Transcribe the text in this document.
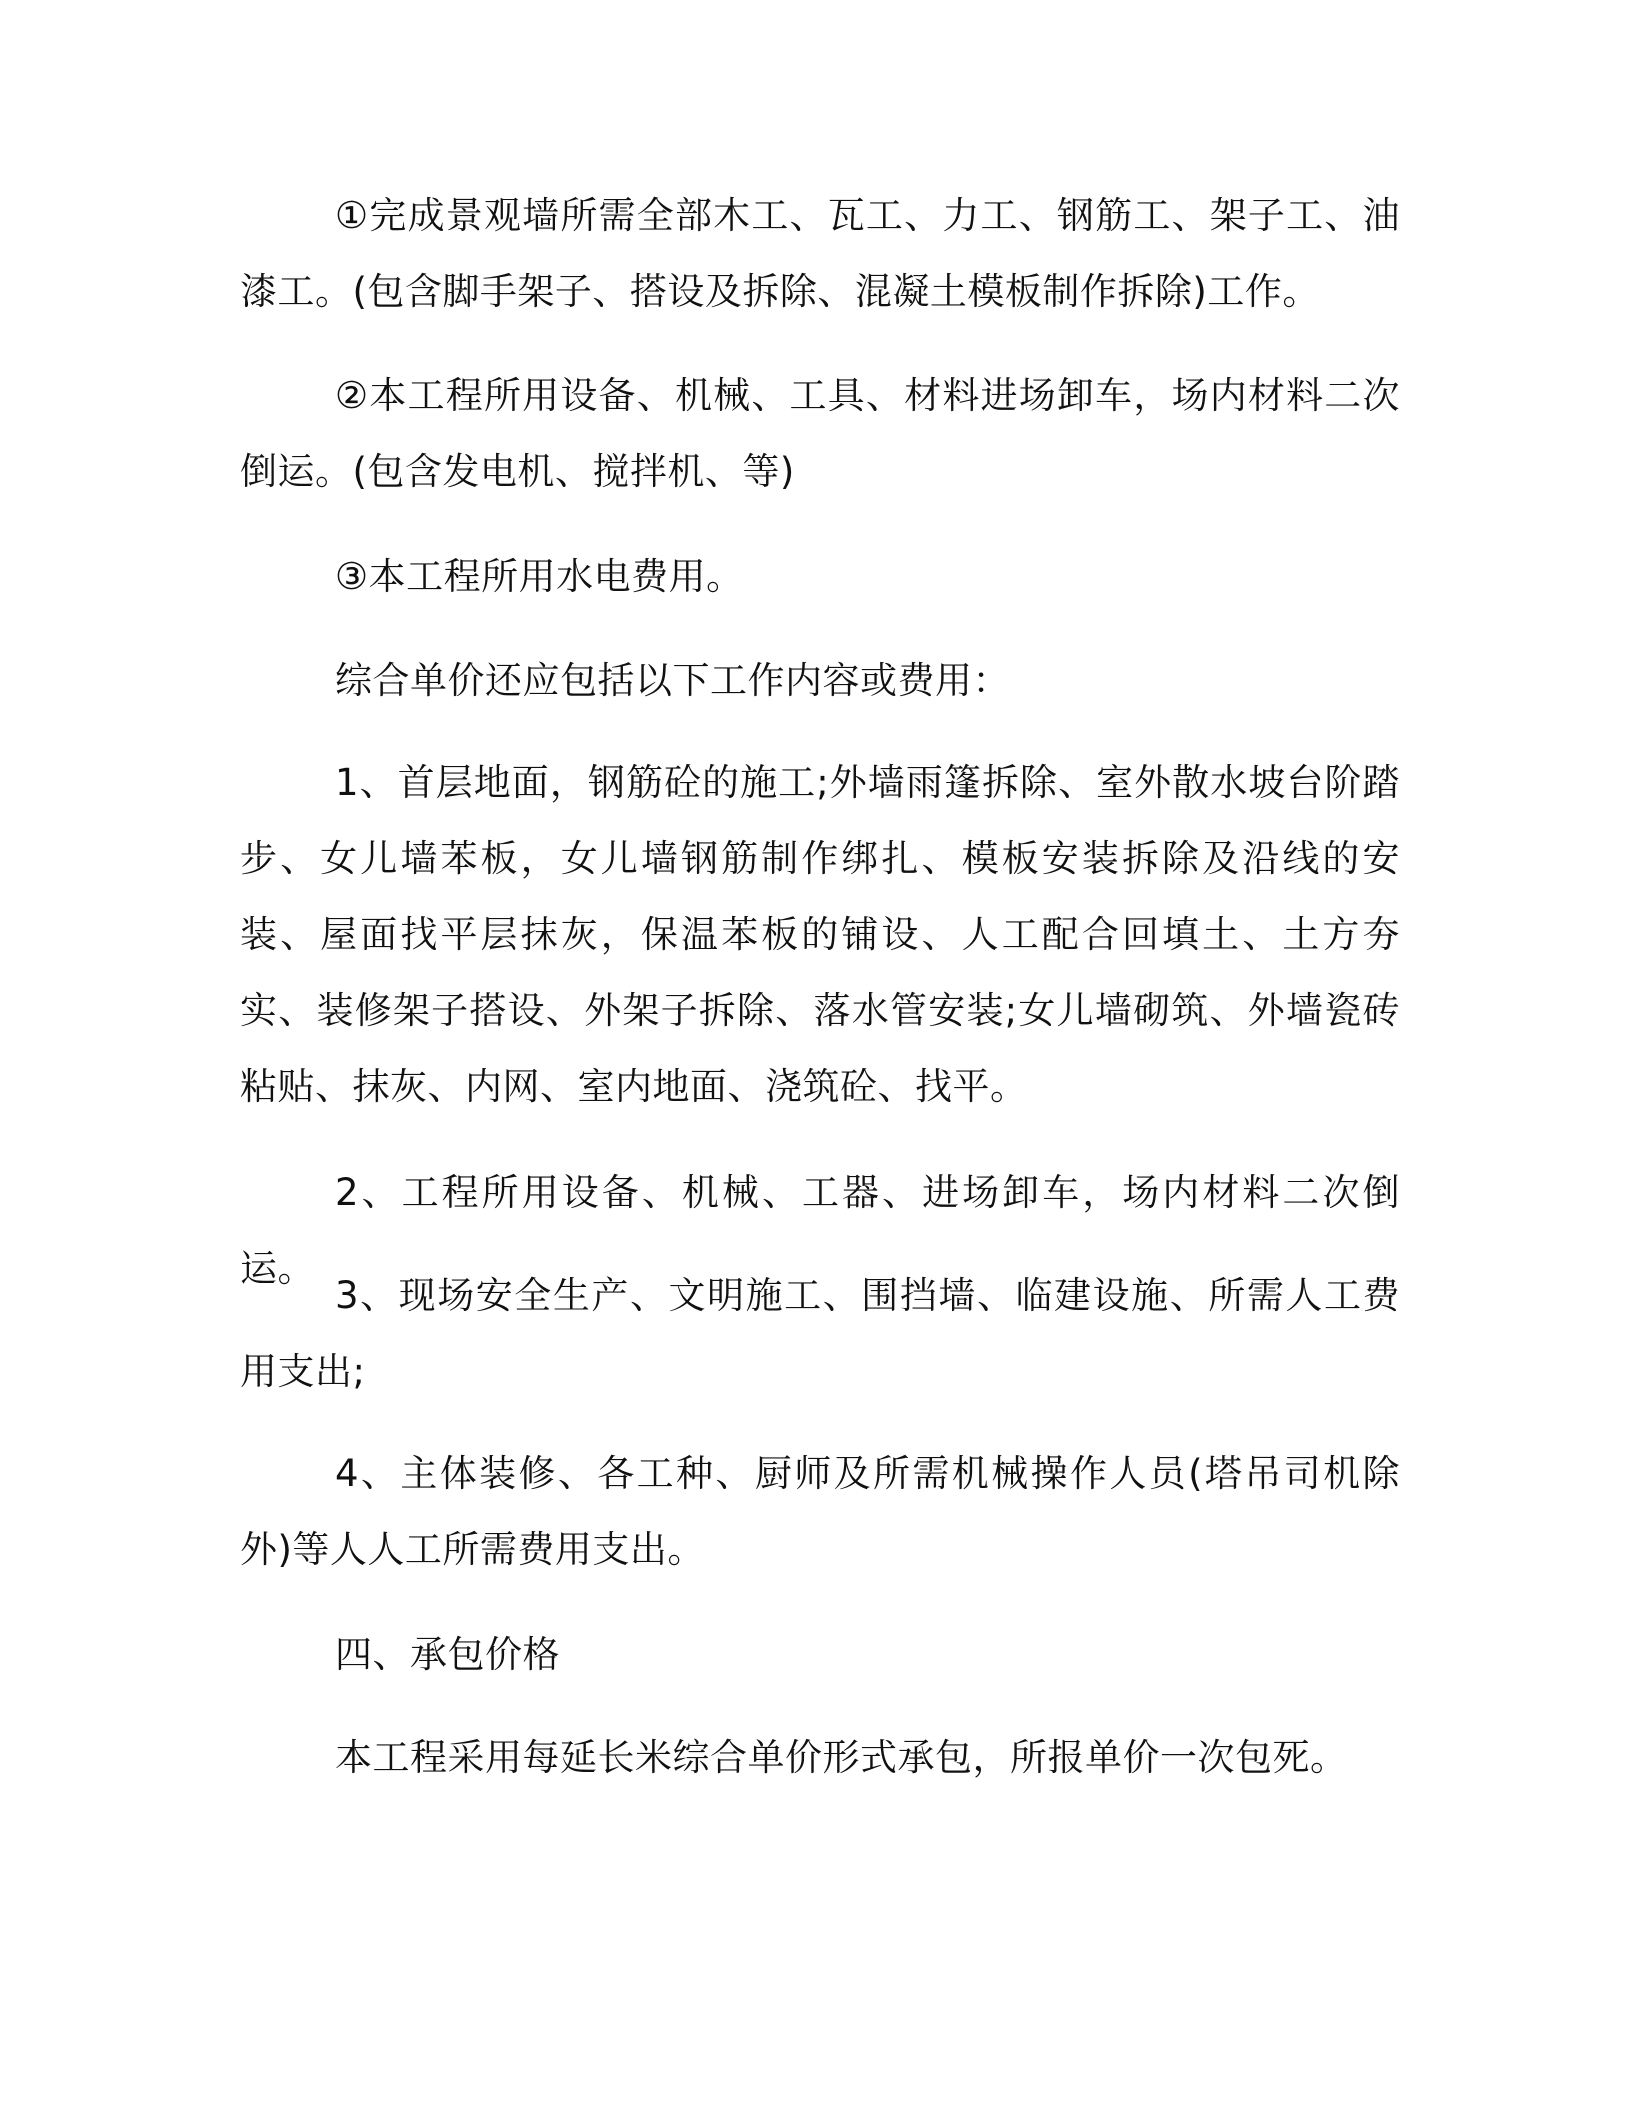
①完成景观墙所需全部木工、瓦工、力工、钢筋工、架子工、油漆工。(包含脚手架子、搭设及拆除、混凝土模板制作拆除)工作。

②本工程所用设备、机械、工具、材料进场卸车，场内材料二次倒运。(包含发电机、搅拌机、等)

③本工程所用水电费用。

综合单价还应包括以下工作内容或费用：

1、首层地面，钢筋砼的施工;外墙雨篷拆除、室外散水坡台阶踏步、女儿墙苯板，女儿墙钢筋制作绑扎、模板安装拆除及沿线的安装、屋面找平层抹灰，保温苯板的铺设、人工配合回填土、土方夯实、装修架子搭设、外架子拆除、落水管安装;女儿墙砌筑、外墙瓷砖粘贴、抹灰、内网、室内地面、浇筑砼、找平。

2、工程所用设备、机械、工器、进场卸车，场内材料二次倒运。

3、现场安全生产、文明施工、围挡墙、临建设施、所需人工费用支出;

4、主体装修、各工种、厨师及所需机械操作人员(塔吊司机除外)等人人工所需费用支出。

四、承包价格

本工程采用每延长米综合单价形式承包，所报单价一次包死。
